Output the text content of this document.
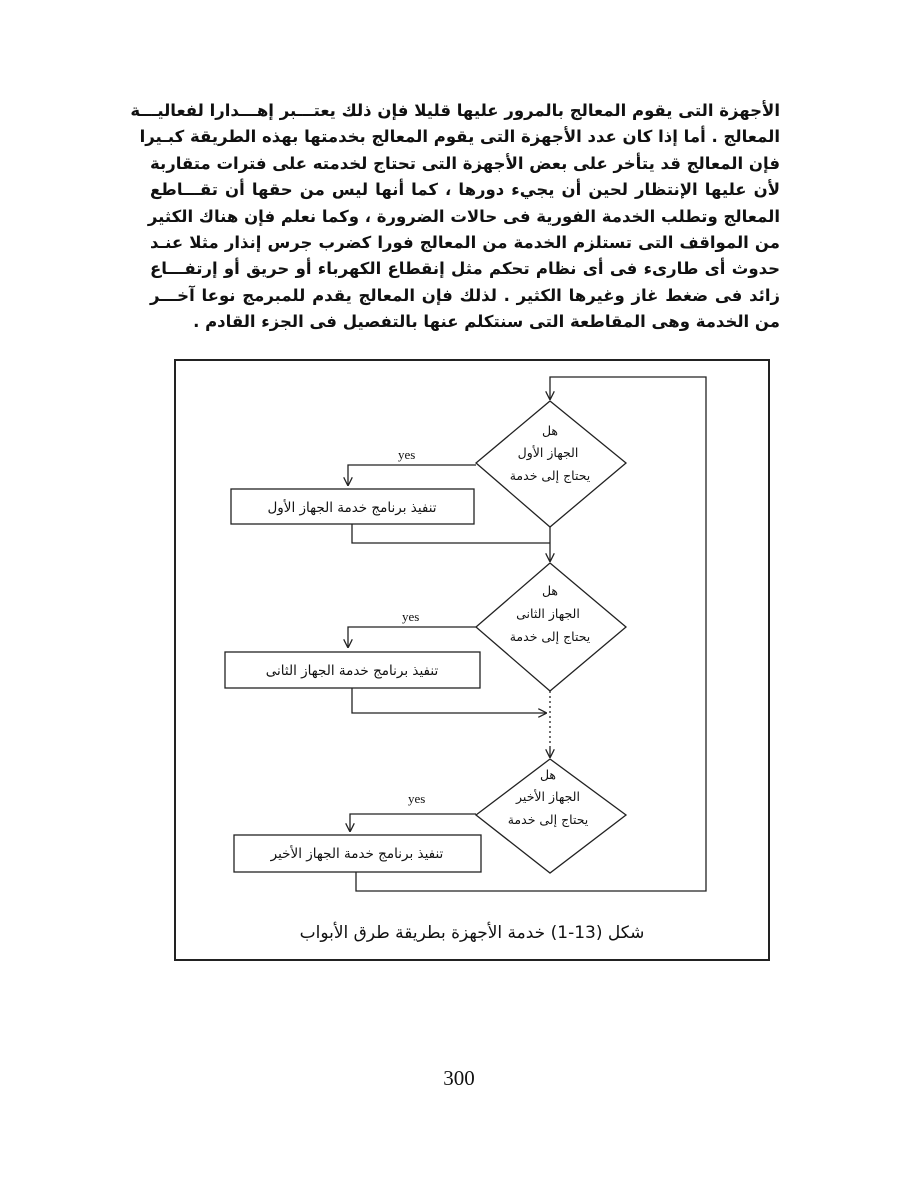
الأجهزة التى يقوم المعالج بالمرور عليها قليلا فإن ذلك يعتـــبر إهـــدارا لفعاليـــة
المعالج . أما إذا كان عدد الأجهزة التى يقوم المعالج بخدمتها بهذه الطريقة كبـيرا
فإن المعالج قد يتأخر على بعض الأجهزة التى تحتاج لخدمته على فترات متقاربة
لأن عليها الإنتظار لحين أن يجيء دورها ، كما أنها ليس من حقها أن تقـــاطع
المعالج وتطلب الخدمة الفورية فى حالات الضرورة ، وكما نعلم فإن هناك الكثير
من المواقف التى تستلزم الخدمة من المعالج فورا كضرب جرس إنذار مثلا عنـد
حدوث أى طارىء فى أى نظام تحكم مثل إنقطاع الكهرباء أو حريق أو إرتفـــاع
زائد فى ضغط غاز وغيرها الكثير . لذلك فإن المعالج يقدم للمبرمج نوعا آخـــر
من الخدمة وهى المقاطعة التى سنتكلم عنها بالتفصيل فى الجزء القادم .
هل
الجهاز الأول
يحتاج إلى خدمة
هل
الجهاز الثانى
يحتاج إلى خدمة
هل
الجهاز الأخير
يحتاج إلى خدمة
تنفيذ برنامج خدمة الجهاز الأول
تنفيذ برنامج خدمة الجهاز الثانى
تنفيذ برنامج خدمة الجهاز الأخير
yes
yes
yes
شكل (13-1) خدمة الأجهزة بطريقة طرق الأبواب
300
